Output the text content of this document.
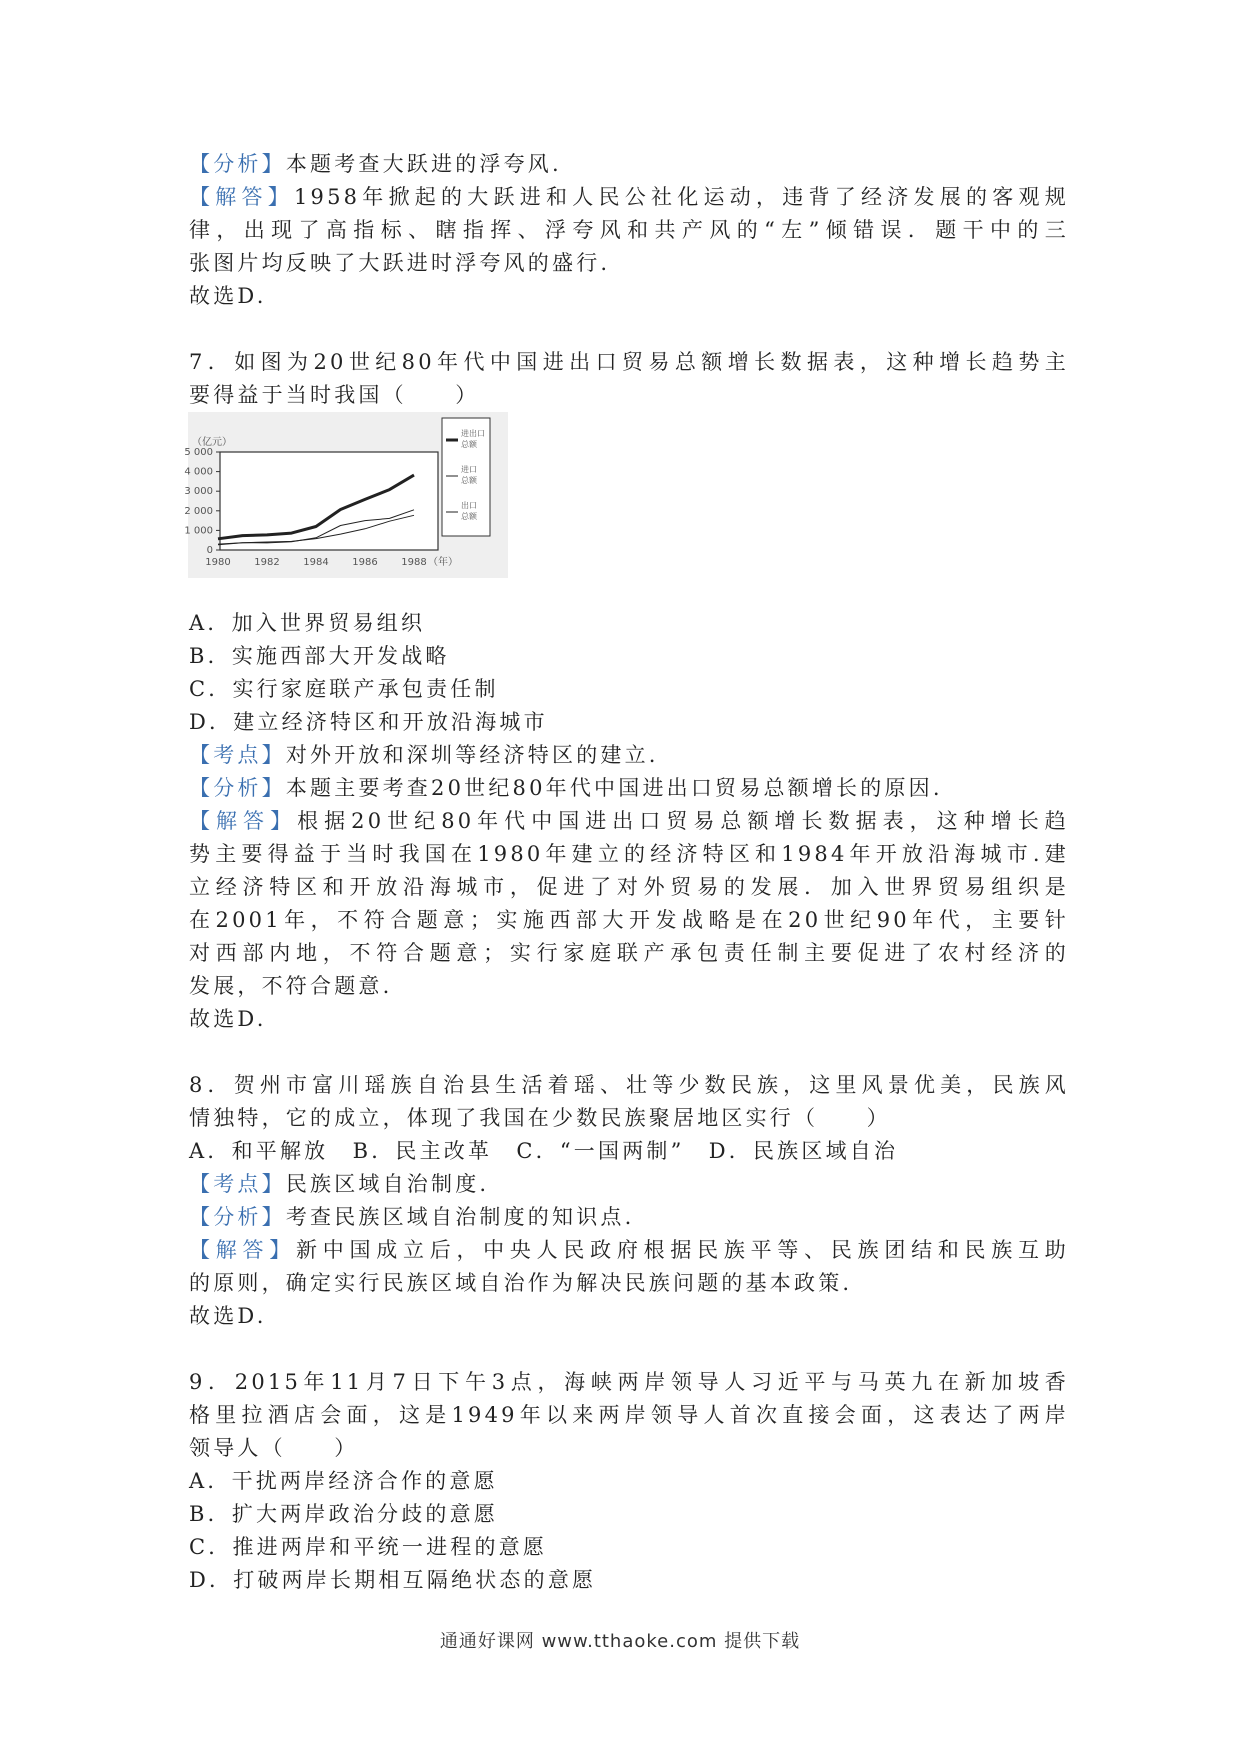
【分析】本题考查大跃进的浮夸风.
【解答】1958年掀起的大跃进和人民公社化运动，违背了经济发展的客观规
律，出现了高指标、瞎指挥、浮夸风和共产风的“左”倾错误．题干中的三
张图片均反映了大跃进时浮夸风的盛行.
故选D.
7．如图为20世纪80年代中国进出口贸易总额增长数据表，这种增长趋势主
要得益于当时我国（　　）
A．加入世界贸易组织
B．实施西部大开发战略
C．实行家庭联产承包责任制
D．建立经济特区和开放沿海城市
【考点】对外开放和深圳等经济特区的建立.
【分析】本题主要考查20世纪80年代中国进出口贸易总额增长的原因.
【解答】根据20世纪80年代中国进出口贸易总额增长数据表，这种增长趋
势主要得益于当时我国在1980年建立的经济特区和1984年开放沿海城市.建
立经济特区和开放沿海城市，促进了对外贸易的发展．加入世界贸易组织是
在2001年，不符合题意；实施西部大开发战略是在20世纪90年代，主要针
对西部内地，不符合题意；实行家庭联产承包责任制主要促进了农村经济的
发展，不符合题意.
故选D.
8．贺州市富川瑶族自治县生活着瑶、壮等少数民族，这里风景优美，民族风
情独特，它的成立，体现了我国在少数民族聚居地区实行（　　）
A．和平解放　B．民主改革　C．“一国两制”　D．民族区域自治
【考点】民族区域自治制度.
【分析】考查民族区域自治制度的知识点.
【解答】新中国成立后，中央人民政府根据民族平等、民族团结和民族互助
的原则，确定实行民族区域自治作为解决民族问题的基本政策.
故选D.
9．2015年11月7日下午3点，海峡两岸领导人习近平与马英九在新加坡香
格里拉酒店会面，这是1949年以来两岸领导人首次直接会面，这表达了两岸
领导人（　　）
A．干扰两岸经济合作的意愿
B．扩大两岸政治分歧的意愿
C．推进两岸和平统一进程的意愿
D．打破两岸长期相互隔绝状态的意愿
（亿元）
0
1 000
2 000
3 000
4 000
5 000
1980 1982 1984 1986 1988 （年）
进出口
总额
进口
总额
出口
总额
通通好课网 www.tthaoke.com 提供下载
